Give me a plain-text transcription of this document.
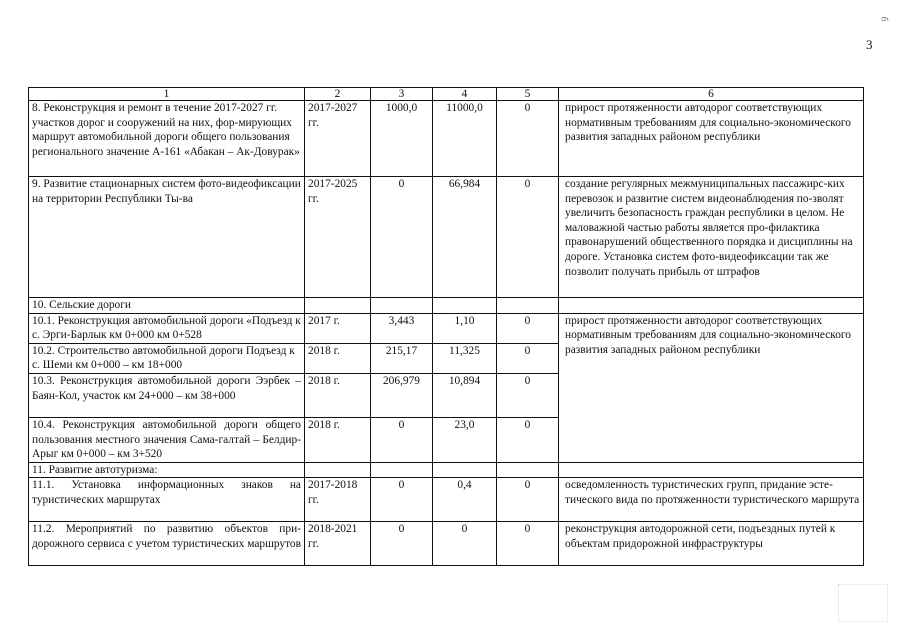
б
3
1	2	3	4	5	6
8. Реконструкция и ремонт в течение 2017-2027 гг. участков дорог и сооружений на них, фор-мирующих маршрут автомобильной дороги общего пользования регионального значение А-161 «Абакан – Ак-Довурак»	2017-2027 гг.	1000,0	11000,0	0	прирост протяженности автодорог соответствующих нормативным требованиям для социально-экономического развития западных районом республики
9. Развитие стационарных систем фото-видеофиксации на территории Республики Ты-ва	2017-2025 гг.	0	66,984	0	создание регулярных межмуниципальных пассажирс-ких перевозок и развитие систем видеонаблюдения по-зволят увеличить безопасность граждан республики в целом. Не маловажной частью работы является про-филактика правонарушений общественного порядка и дисциплины на дороге. Установка систем фото-видеофиксации так же позволит получать прибыль от штрафов
10. Сельские дороги					
10.1. Реконструкция автомобильной дороги «Подъезд к с. Эрги-Барлык км 0+000 км 0+528	2017 г.	3,443	1,10	0	прирост протяженности автодорог соответствующих нормативным требованиям для социально-экономического развития западных районом республики
10.2. Строительство автомобильной дороги Подъезд к с. Шеми км 0+000 – км 18+000	2018 г.	215,17	11,325	0	
10.3. Реконструкция автомобильной дороги Ээрбек – Баян-Кол, участок км 24+000 – км 38+000	2018 г.	206,979	10,894	0	
10.4. Реконструкция автомобильной дороги общего пользования местного значения Сама-галтай – Белдир-Арыг км 0+000 – км 3+520	2018 г.	0	23,0	0	
11. Развитие автотуризма:					
11.1. Установка информационных знаков на туристических маршрутах	2017-2018 гг.	0	0,4	0	осведомленность туристических групп, придание эсте-тического вида по протяженности туристического маршрута
11.2. Мероприятий по развитию объектов при-дорожного сервиса с учетом туристических маршрутов	2018-2021 гг.	0	0	0	реконструкция автодорожной сети, подъездных путей к объектам придорожной инфраструктуры
